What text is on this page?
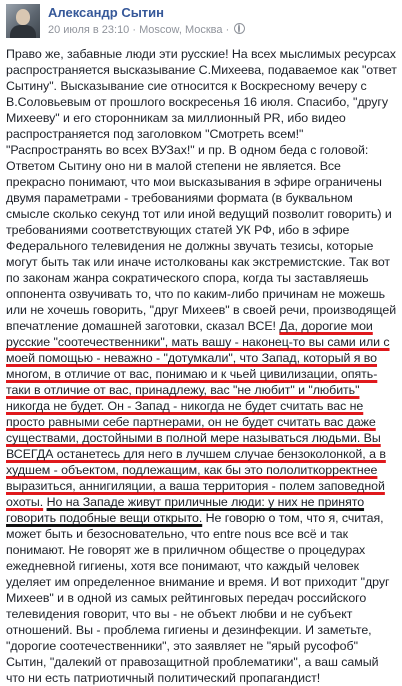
Александр Сытин
20 июля в 23:10 · Moscow, Москва ·

Право же, забавные люди эти русские! На всех мыслимых ресурсах распространяется высказывание С.Михеева, подаваемое как "ответ Сытину". Высказывание сие относится к Воскресному вечеру с В.Соловьевым от прошлого воскресенья 16 июля. Спасибо, "другу Михееву" и его сторонникам за миллионный PR, ибо видео распространяется под заголовком "Смотреть всем!" "Распространять во всех ВУЗах!" и пр. В одном беда с головой: Ответом Сытину оно ни в малой степени не является. Все прекрасно понимают, что мои высказывания в эфире ограничены двумя параметрами - требованиями формата (в буквальном смысле сколько секунд тот или иной ведущий позволит говорить) и требованиями соответствующих статей УК РФ, ибо в эфире Федерального телевидения не должны звучать тезисы, которые могут быть так или иначе истолкованы как экстремистские. Так вот по законам жанра сократического спора, когда ты заставляешь оппонента озвучивать то, что по каким-либо причинам не можешь или не хочешь говорить, "друг Михеев" в своей речи, производящей впечатление домашней заготовки, сказал ВСЕ! Да, дорогие мои русские "соотечественники", мать вашу - наконец-то вы сами или с моей помощью - неважно - "дотумкали", что Запад, который я во многом, в отличие от вас, понимаю и к чьей цивилизации, опять-таки в отличие от вас, принадлежу, вас "не любит" и "любить" никогда не будет. Он - Запад - никогда не будет считать вас не просто равными себе партнерами, он не будет считать вас даже существами, достойными в полной мере называться людьми. Вы ВСЕГДА останетесь для него в лучшем случае бензоколонкой, а в худшем - объектом, подлежащим, как бы это пололиткорректнее выразиться, аннигиляции, а ваша территория - полем заповедной охоты. Но на Западе живут приличные люди: у них не принято говорить подобные вещи открыто. Не говорю о том, что я, считая, может быть и безосновательно, что entre nous все всё и так понимают. Не говорят же в приличном обществе о процедурах ежедневной гигиены, хотя все понимают, что каждый человек уделяет им определенное внимание и время. И вот приходит "друг Михеев" и в одной из самых рейтинговых передач российского телевидения говорит, что вы - не объект любви и не субъект отношений. Вы - проблема гигиены и дезинфекции. И заметьте, "дорогие соотечественники", это заявляет не "ярый русофоб" Сытин, "далекий от правозащитной проблематики", а ваш самый что ни есть патриотичный политический пропагандист!
